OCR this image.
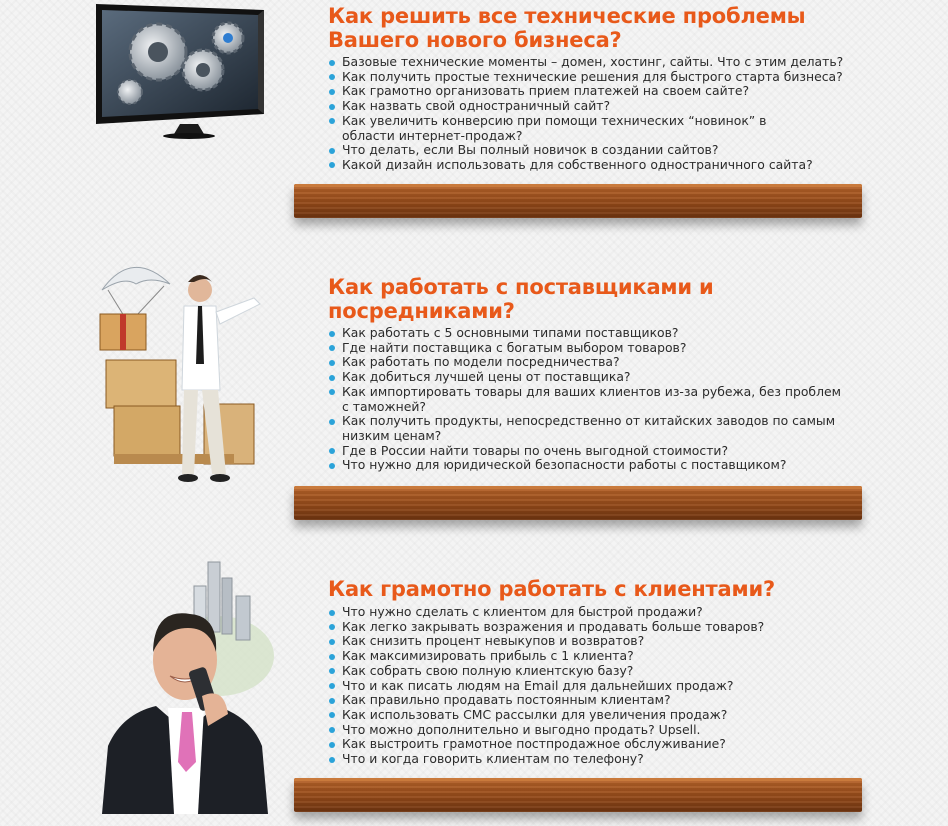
Как решить все технические проблемы
Вашего нового бизнеса?
Базовые технические моменты – домен, хостинг, сайты. Что с этим делать?
Как получить простые технические решения для быстрого старта бизнеса?
Как грамотно организовать прием платежей на своем сайте?
Как назвать свой одностраничный сайт?
Как увеличить конверсию при помощи технических “новинок” в области интернет-продаж?
Что делать, если Вы полный новичок в создании сайтов?
Какой дизайн использовать для собственного одностраничного сайта?
Как работать с поставщиками и
посредниками?
Как работать с 5 основными типами поставщиков?
Где найти поставщика с богатым выбором товаров?
Как работать по модели посредничества?
Как добиться лучшей цены от поставщика?
Как импортировать товары для ваших клиентов из-за рубежа, без проблем с таможней?
Как получить продукты, непосредственно от китайских заводов по самым низким ценам?
Где в России найти товары по очень выгодной стоимости?
Что нужно для юридической безопасности работы с поставщиком?
Как грамотно работать с клиентами?
Что нужно сделать с клиентом для быстрой продажи?
Как легко закрывать возражения и продавать больше товаров?
Как снизить процент невыкупов и возвратов?
Как максимизировать прибыль с 1 клиента?
Как собрать свою полную клиентскую базу?
Что и как писать людям на Email для дальнейших продаж?
Как правильно продавать постоянным клиентам?
Как использовать СМС рассылки для увеличения продаж?
Что можно дополнительно и выгодно продать? Upsell.
Как выстроить грамотное постпродажное обслуживание?
Что и когда говорить клиентам по телефону?
